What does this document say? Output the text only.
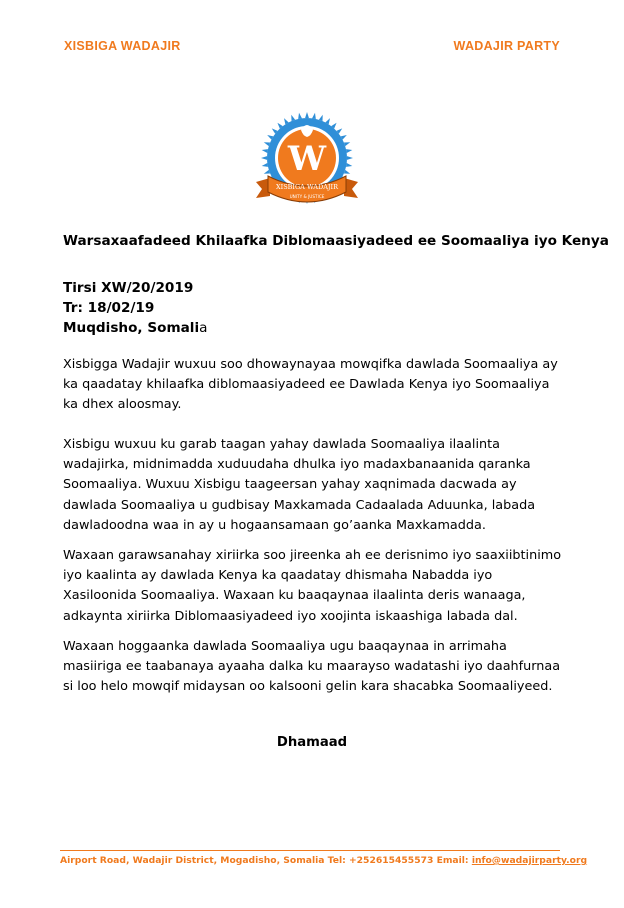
XISBIGA WADAJIR	WADAJIR PARTY
W
XISBIGA WADAJIR
UNITY & JUSTICE
Warsaxaafadeed Khilaafka Diblomaasiyadeed ee Soomaaliya iyo Kenya
Tirsi XW/20/2019
Tr: 18/02/19
Muqdisho, Somalia
Xisbigga Wadajir wuxuu soo dhowaynayaa mowqifka dawlada Soomaaliya ay ka qaadatay khilaafka diblomaasiyadeed ee Dawlada Kenya iyo Soomaaliya ka dhex aloosmay.
Xisbigu wuxuu ku garab taagan yahay dawlada Soomaaliya ilaalinta wadajirka, midnimadda xuduudaha dhulka iyo madaxbanaanida qaranka Soomaaliya. Wuxuu Xisbigu taageersan yahay xaqnimada dacwada ay dawlada Soomaaliya u gudbisay Maxkamada Cadaalada Aduunka, labada dawladoodna waa in ay u hogaansamaan go’aanka Maxkamadda.
Waxaan garawsanahay xiriirka soo jireenka ah ee derisnimo iyo saaxiibtinimo iyo kaalinta ay dawlada Kenya ka qaadatay dhismaha Nabadda iyo Xasiloonida Soomaaliya. Waxaan ku baaqaynaa ilaalinta deris wanaaga, adkaynta xiriirka Diblomaasiyadeed iyo xoojinta iskaashiga labada dal.
Waxaan hoggaanka dawlada Soomaaliya ugu baaqaynaa in arrimaha masiiriga ee taabanaya ayaaha dalka ku maarayso wadatashi iyo daahfurnaa si loo helo mowqif midaysan oo kalsooni gelin kara shacabka Soomaaliyeed.
Dhamaad
Airport Road, Wadajir District, Mogadisho, Somalia Tel: +252615455573 Email: info@wadajirparty.org
